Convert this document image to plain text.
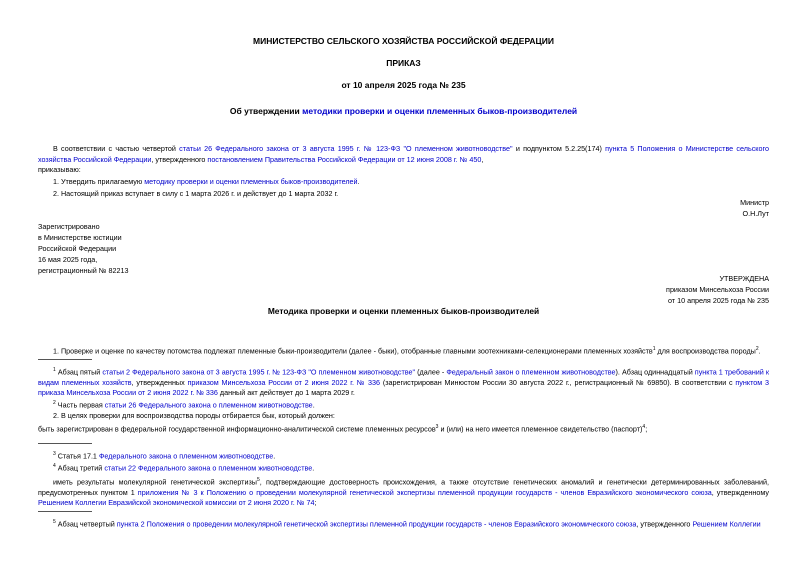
МИНИСТЕРСТВО СЕЛЬСКОГО ХОЗЯЙСТВА РОССИЙСКОЙ ФЕДЕРАЦИИ
ПРИКАЗ
от 10 апреля 2025 года № 235
Об утверждении методики проверки и оценки племенных быков-производителей
В соответствии с частью четвертой статьи 26 Федерального закона от 3 августа 1995 г. № 123-ФЗ "О племенном животноводстве" и подпунктом 5.2.25(174) пункта 5 Положения о Министерстве сельского хозяйства Российской Федерации, утвержденного постановлением Правительства Российской Федерации от 12 июня 2008 г. № 450,
приказываю:
1. Утвердить прилагаемую методику проверки и оценки племенных быков-производителей.
2. Настоящий приказ вступает в силу с 1 марта 2026 г. и действует до 1 марта 2032 г.
Министр
О.Н.Лут
Зарегистрировано
в Министерстве юстиции
Российской Федерации
16 мая 2025 года,
регистрационный № 82213
УТВЕРЖДЕНА
приказом Минсельхоза России
от 10 апреля 2025 года № 235
Методика проверки и оценки племенных быков-производителей
1. Проверке и оценке по качеству потомства подлежат племенные быки-производители (далее - быки), отобранные главными зоотехниками-селекционерами племенных хозяйств$^1$ для воспроизводства породы$^2$.
$^1$ Абзац пятый статьи 2 Федерального закона от 3 августа 1995 г. № 123-ФЗ "О племенном животноводстве" (далее - Федеральный закон о племенном животноводстве). Абзац одиннадцатый пункта 1 требований к видам племенных хозяйств, утвержденных приказом Минсельхоза России от 2 июня 2022 г. № 336 (зарегистрирован Минюстом России 30 августа 2022 г., регистрационный № 69850). В соответствии с пунктом 3 приказа Минсельхоза России от 2 июня 2022 г. № 336 данный акт действует до 1 марта 2029 г.
$^2$ Часть первая статьи 26 Федерального закона о племенном животноводстве.
2. В целях проверки для воспроизводства породы отбирается бык, который должен:
быть зарегистрирован в федеральной государственной информационно-аналитической системе племенных ресурсов$^3$ и (или) на него имеется племенное свидетельство (паспорт)$^4$;
$^3$ Статья 17.1 Федерального закона о племенном животноводстве.
$^4$ Абзац третий статьи 22 Федерального закона о племенном животноводстве.
иметь результаты молекулярной генетической экспертизы$^5$, подтверждающие достоверность происхождения, а также отсутствие генетических аномалий и генетически детерминированных заболеваний, предусмотренных пунктом 1 приложения № 3 к Положению о проведении молекулярной генетической экспертизы племенной продукции государств - членов Евразийского экономического союза, утвержденному Решением Коллегии Евразийской экономической комиссии от 2 июня 2020 г. № 74;
$^5$ Абзац четвертый пункта 2 Положения о проведении молекулярной генетической экспертизы племенной продукции государств - членов Евразийского экономического союза, утвержденного Решением Коллегии
